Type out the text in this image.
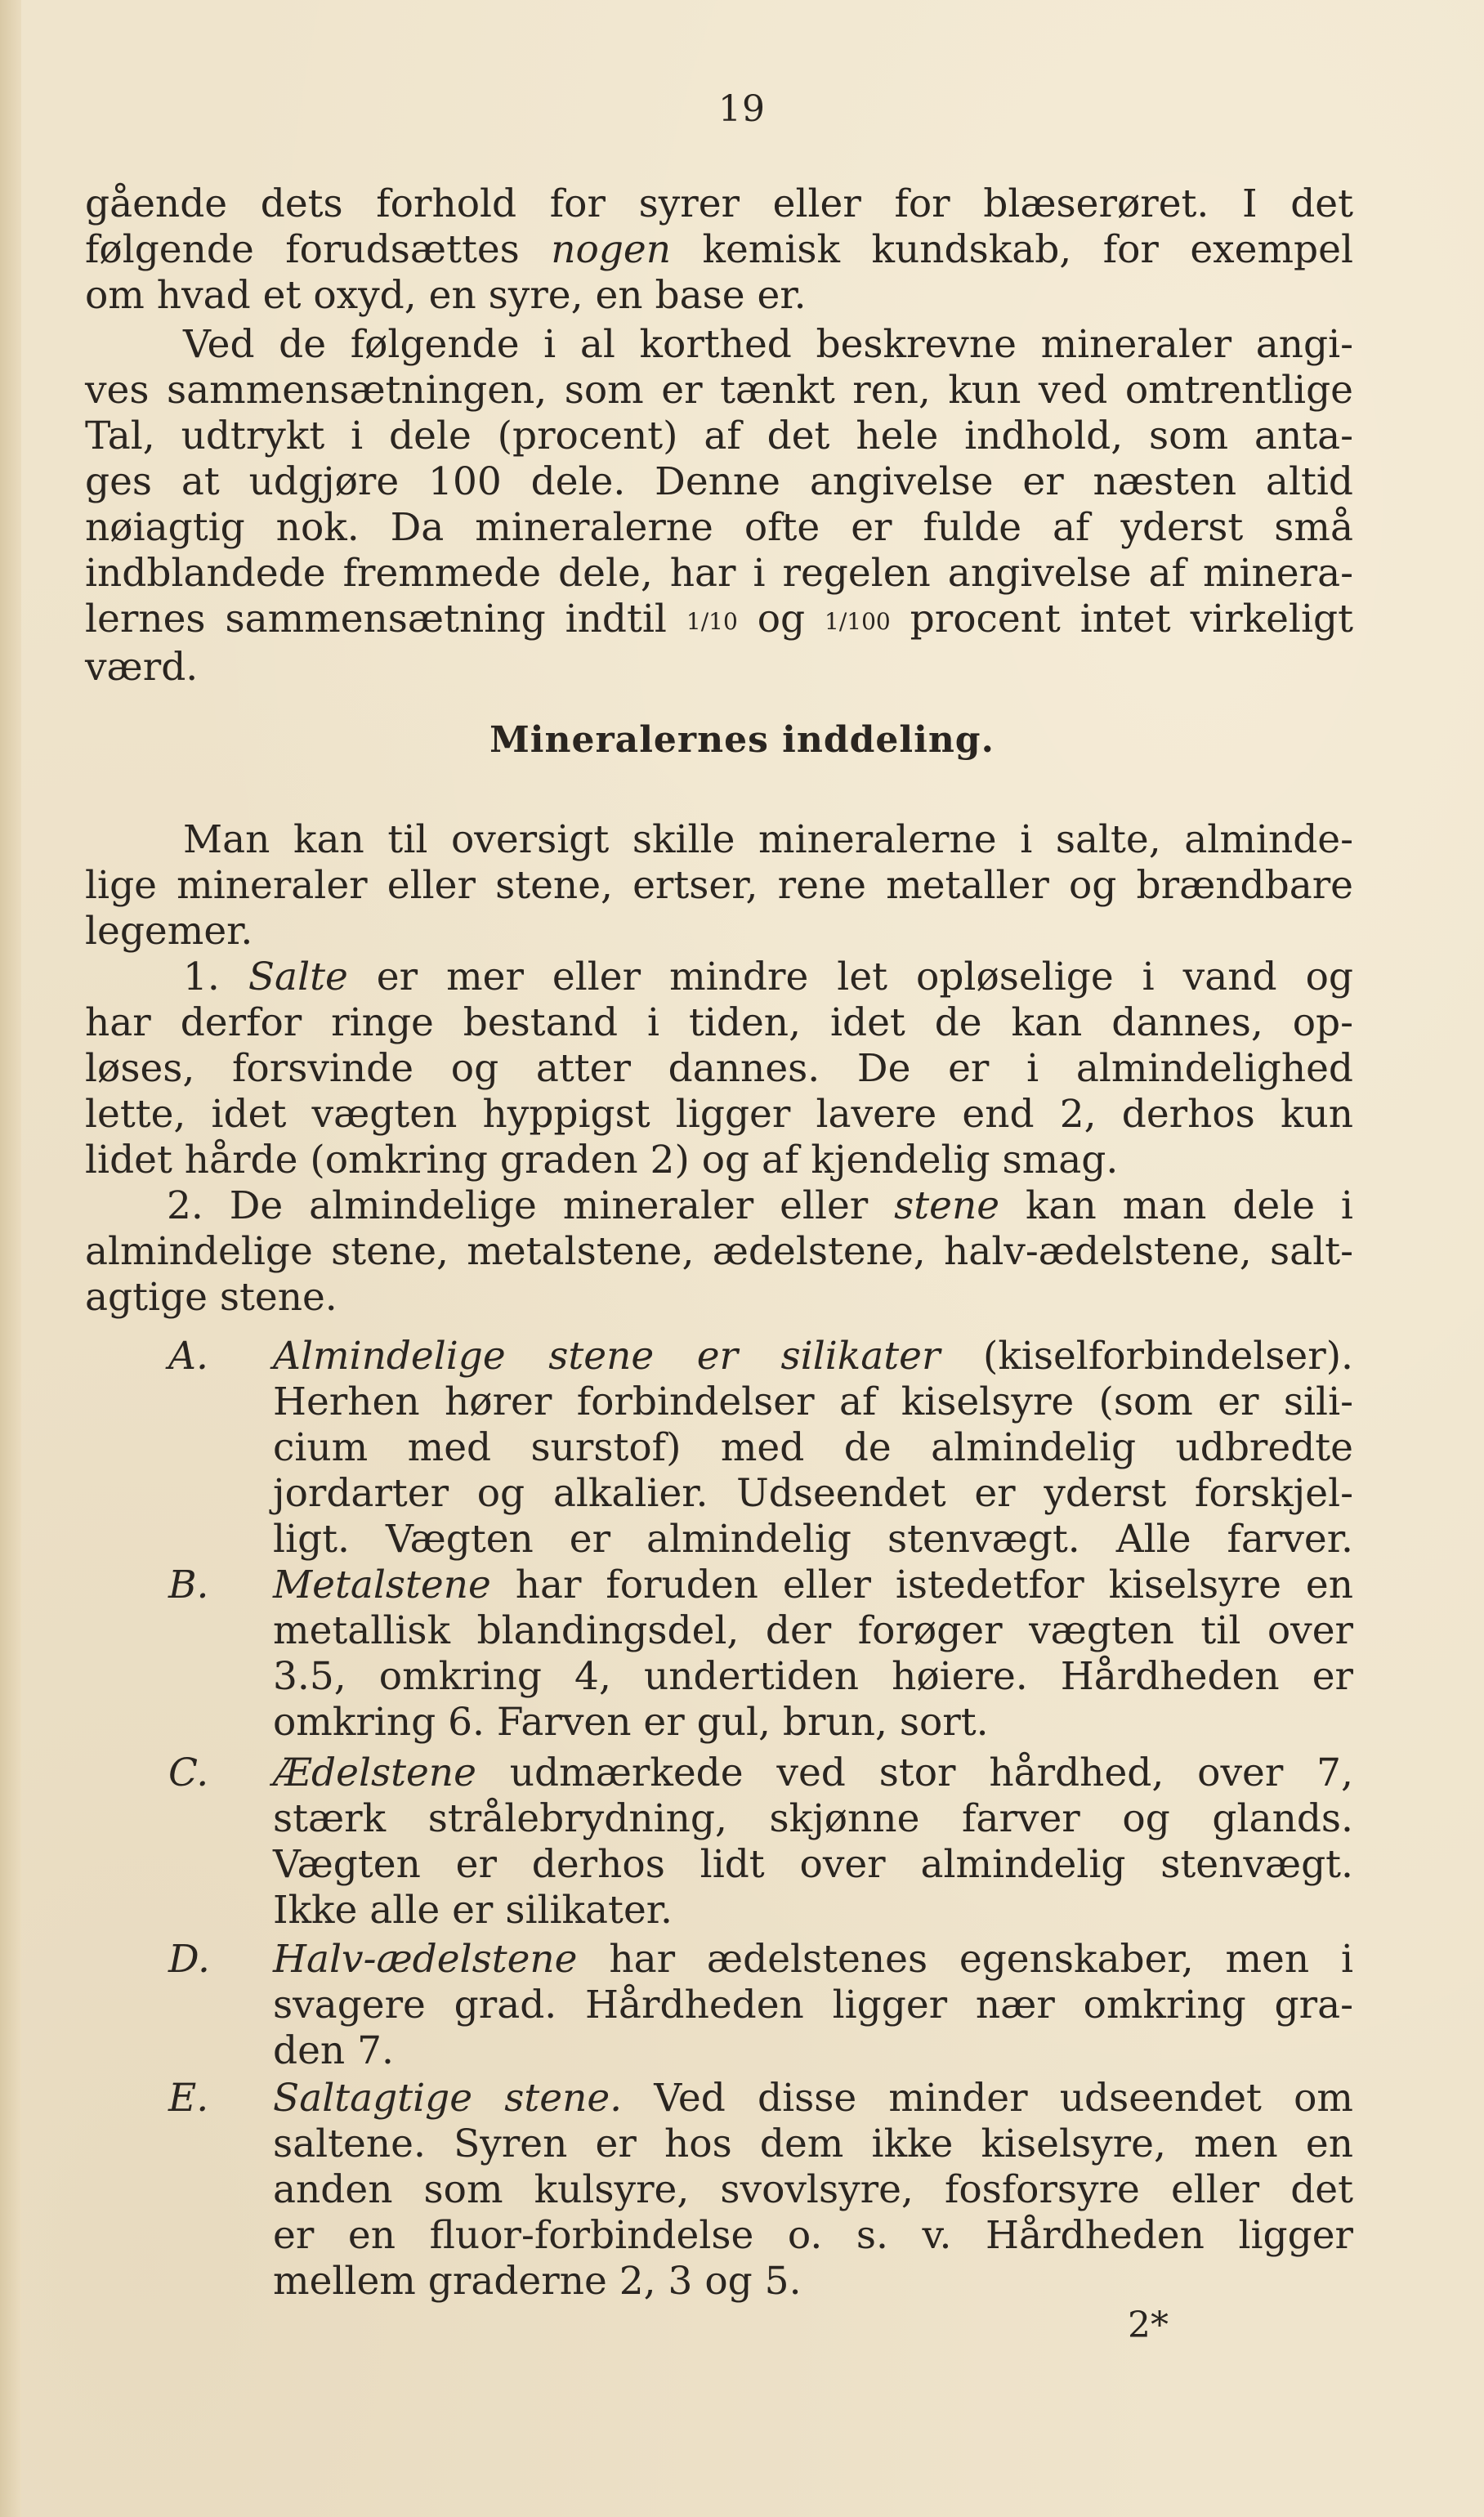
19
gående dets forhold for syrer eller for blæserøret. I det
følgende forudsættes nogen kemisk kundskab, for exempel
om hvad et oxyd, en syre, en base er.
Ved de følgende i al korthed beskrevne mineraler angi-
ves sammensætningen, som er tænkt ren, kun ved omtrentlige
Tal, udtrykt i dele (procent) af det hele indhold, som anta-
ges at udgjøre 100 dele. Denne angivelse er næsten altid
nøiagtig nok. Da mineralerne ofte er fulde af yderst små
indblandede fremmede dele, har i regelen angivelse af minera-
lernes sammensætning indtil 1/10 og 1/100 procent intet virkeligt
værd.
Mineralernes inddeling.
Man kan til oversigt skille mineralerne i salte, alminde-
lige mineraler eller stene, ertser, rene metaller og brændbare
legemer.
1. Salte er mer eller mindre let opløselige i vand og
har derfor ringe bestand i tiden, idet de kan dannes, op-
løses, forsvinde og atter dannes. De er i almindelighed
lette, idet vægten hyppigst ligger lavere end 2, derhos kun
lidet hårde (omkring graden 2) og af kjendelig smag.
2. De almindelige mineraler eller stene kan man dele i
almindelige stene, metalstene, ædelstene, halv-ædelstene, salt-
agtige stene.
A. Almindelige stene er silikater (kiselforbindelser).
Herhen hører forbindelser af kiselsyre (som er sili-
cium med surstof) med de almindelig udbredte
jordarter og alkalier. Udseendet er yderst forskjel-
ligt. Vægten er almindelig stenvægt. Alle farver.
B. Metalstene har foruden eller istedetfor kiselsyre en
metallisk blandingsdel, der forøger vægten til over
3.5, omkring 4, undertiden høiere. Hårdheden er
omkring 6. Farven er gul, brun, sort.
C. Ædelstene udmærkede ved stor hårdhed, over 7,
stærk strålebrydning, skjønne farver og glands.
Vægten er derhos lidt over almindelig stenvægt.
Ikke alle er silikater.
D. Halv-ædelstene har ædelstenes egenskaber, men i
svagere grad. Hårdheden ligger nær omkring gra-
den 7.
E. Saltagtige stene. Ved disse minder udseendet om
saltene. Syren er hos dem ikke kiselsyre, men en
anden som kulsyre, svovlsyre, fosforsyre eller det
er en fluor-forbindelse o. s. v. Hårdheden ligger
mellem graderne 2, 3 og 5.
2*
